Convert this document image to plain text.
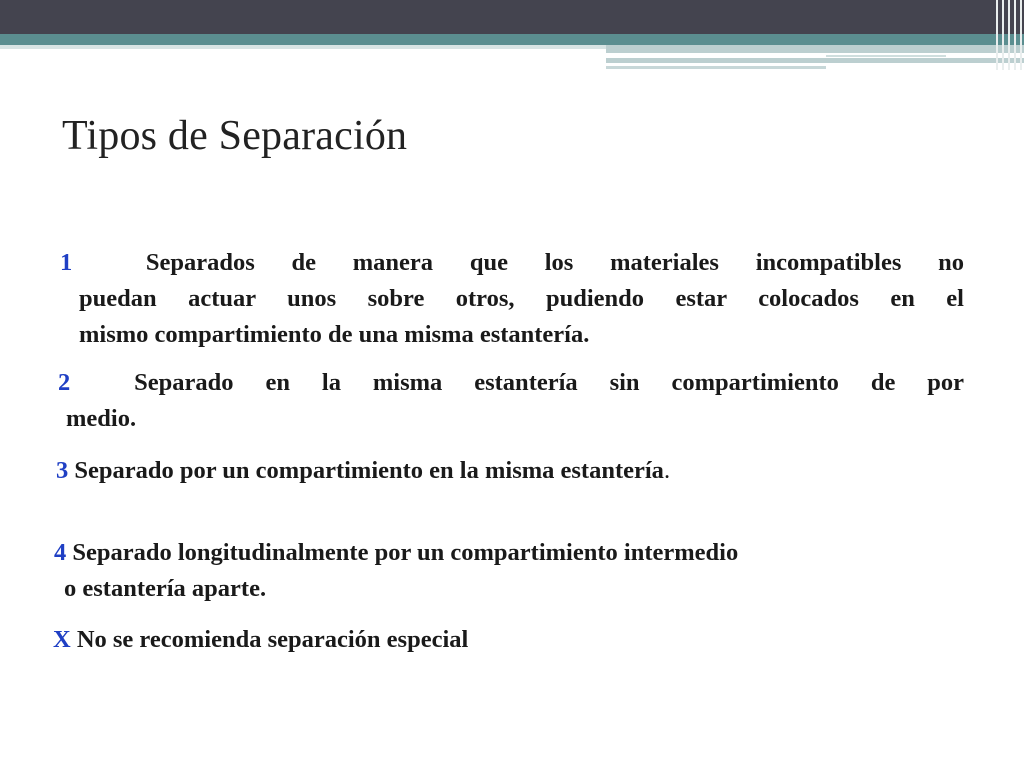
Tipos de Separación
1	Separados de manera que los materiales incompatibles no
puedan actuar unos sobre otros, pudiendo estar colocados en el
mismo compartimiento de una misma estantería.
2	Separado en la misma estantería sin compartimiento de por
medio.
3 Separado por un compartimiento en la misma estantería.
4 Separado longitudinalmente por un compartimiento intermedio
o estantería aparte.
X No se recomienda separación especial
